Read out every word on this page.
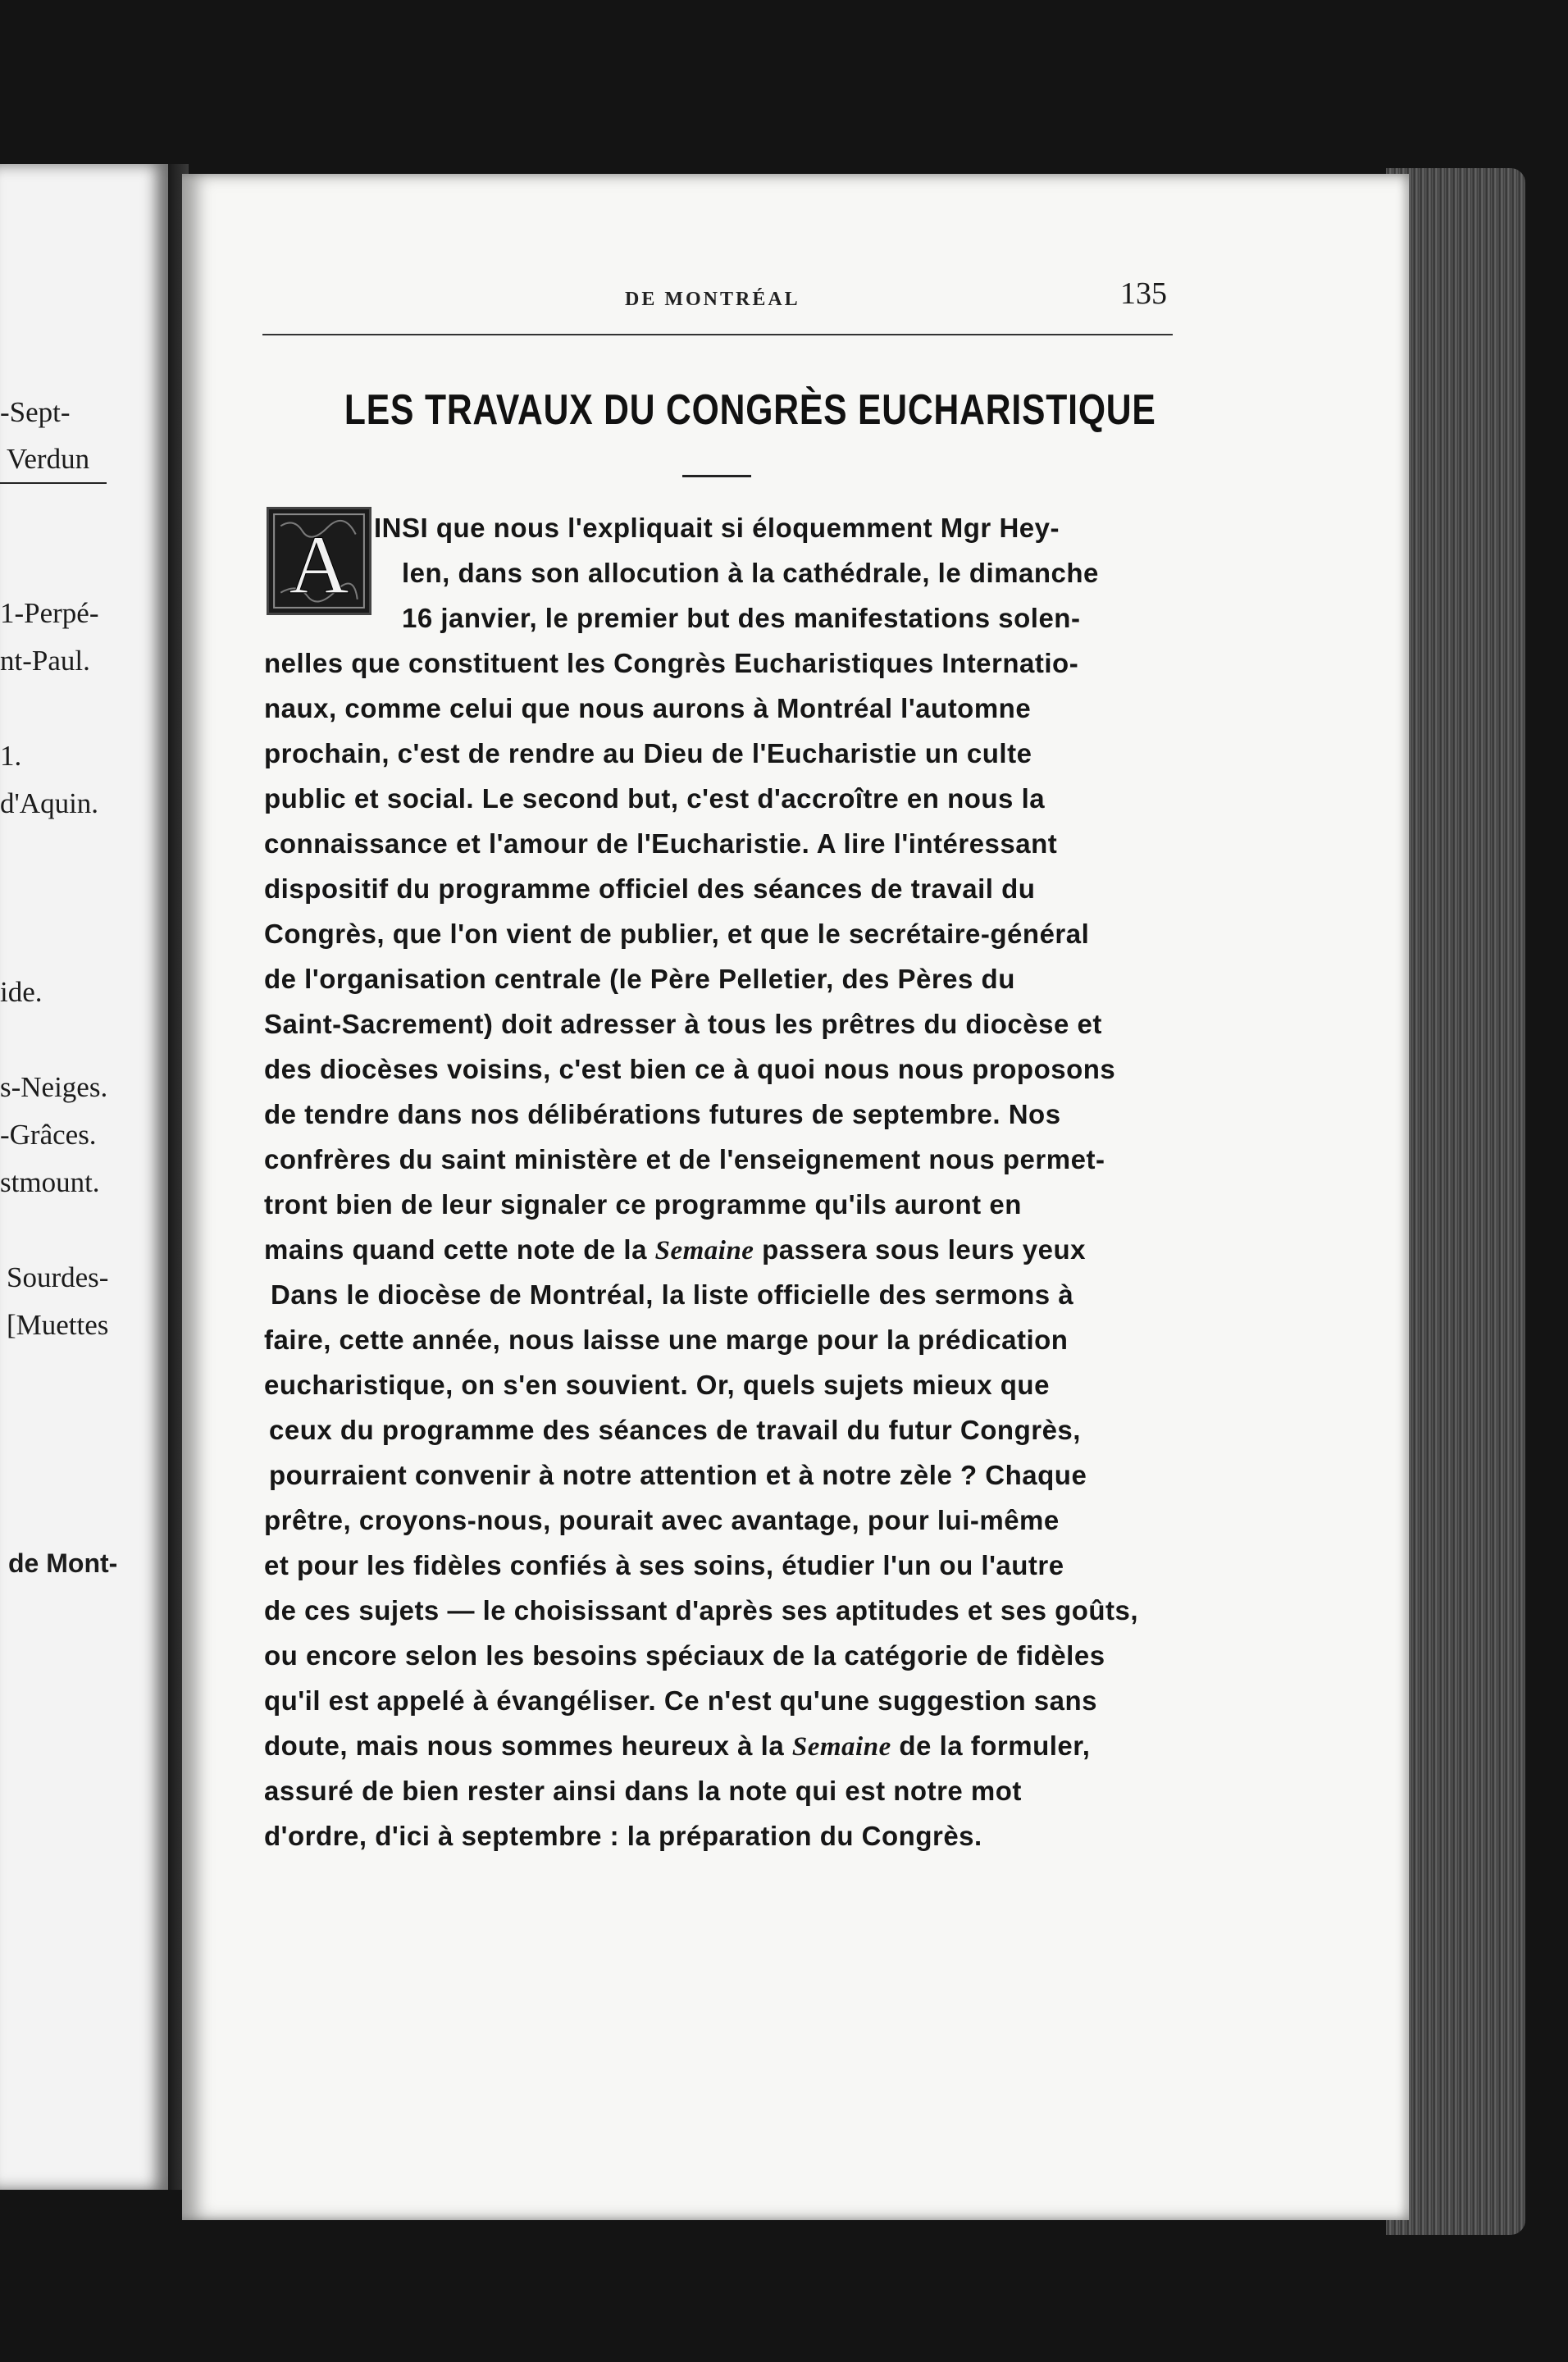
-Sept-
Verdun
1-Perpé-
nt-Paul.
1.
d'Aquin.
ide.
s-Neiges.
-Grâces.
stmount.
Sourdes-
[Muettes
de Mont-
DE MONTRÉAL	135
LES TRAVAUX DU CONGRÈS EUCHARISTIQUE
A INSI que nous l'expliquait si éloquemment Mgr Hey-
len, dans son allocution à la cathédrale, le dimanche
16 janvier, le premier but des manifestations solen-
nelles que constituent les Congrès Eucharistiques Internatio-
naux, comme celui que nous aurons à Montréal l'automne
prochain, c'est de rendre au Dieu de l'Eucharistie un culte
public et social. Le second but, c'est d'accroître en nous la
connaissance et l'amour de l'Eucharistie. A lire l'intéressant
dispositif du programme officiel des séances de travail du
Congrès, que l'on vient de publier, et que le secrétaire-général
de l'organisation centrale (le Père Pelletier, des Pères du
Saint-Sacrement) doit adresser à tous les prêtres du diocèse et
des diocèses voisins, c'est bien ce à quoi nous nous proposons
de tendre dans nos délibérations futures de septembre. Nos
confrères du saint ministère et de l'enseignement nous permet-
tront bien de leur signaler ce programme qu'ils auront en
mains quand cette note de la Semaine passera sous leurs yeux
Dans le diocèse de Montréal, la liste officielle des sermons à
faire, cette année, nous laisse une marge pour la prédication
eucharistique, on s'en souvient. Or, quels sujets mieux que
ceux du programme des séances de travail du futur Congrès,
pourraient convenir à notre attention et à notre zèle ? Chaque
prêtre, croyons-nous, pourait avec avantage, pour lui-même
et pour les fidèles confiés à ses soins, étudier l'un ou l'autre
de ces sujets — le choisissant d'après ses aptitudes et ses goûts,
ou encore selon les besoins spéciaux de la catégorie de fidèles
qu'il est appelé à évangéliser. Ce n'est qu'une suggestion sans
doute, mais nous sommes heureux à la Semaine de la formuler,
assuré de bien rester ainsi dans la note qui est notre mot
d'ordre, d'ici à septembre : la préparation du Congrès.
